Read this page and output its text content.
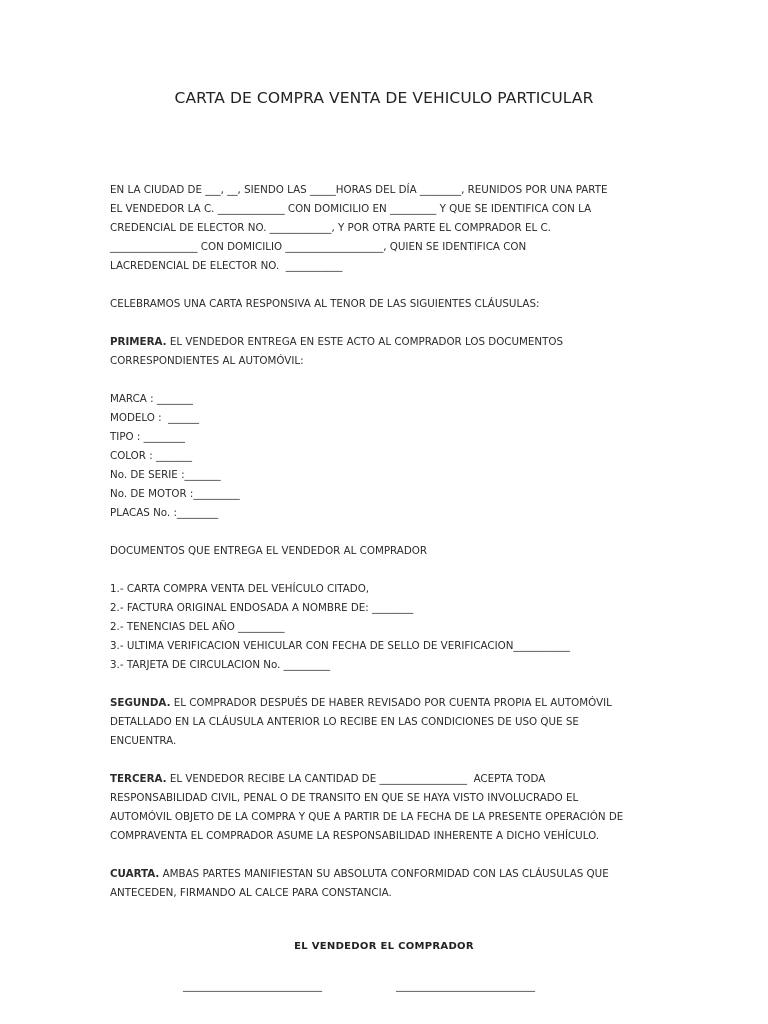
CARTA DE COMPRA VENTA DE VEHICULO PARTICULAR
EN LA CIUDAD DE ___, __, SIENDO LAS _____HORAS DEL DÍA ________, REUNIDOS POR UNA PARTE
EL VENDEDOR LA C. _____________ CON DOMICILIO EN _________ Y QUE SE IDENTIFICA CON LA
CREDENCIAL DE ELECTOR NO. ____________, Y POR OTRA PARTE EL COMPRADOR EL C.
_________________ CON DOMICILIO ___________________, QUIEN SE IDENTIFICA CON
LACREDENCIAL DE ELECTOR NO.  ___________
CELEBRAMOS UNA CARTA RESPONSIVA AL TENOR DE LAS SIGUIENTES CLÁUSULAS:
PRIMERA. EL VENDEDOR ENTREGA EN ESTE ACTO AL COMPRADOR LOS DOCUMENTOS
CORRESPONDIENTES AL AUTOMÓVIL:
MARCA : _______
MODELO :  ______
TIPO : ________
COLOR : _______
No. DE SERIE :_______
No. DE MOTOR :_________
PLACAS No. :________
DOCUMENTOS QUE ENTREGA EL VENDEDOR AL COMPRADOR
1.- CARTA COMPRA VENTA DEL VEHÍCULO CITADO,
2.- FACTURA ORIGINAL ENDOSADA A NOMBRE DE: ________
2.- TENENCIAS DEL AÑO _________
3.- ULTIMA VERIFICACION VEHICULAR CON FECHA DE SELLO DE VERIFICACION___________
3.- TARJETA DE CIRCULACION No. _________
SEGUNDA. EL COMPRADOR DESPUÉS DE HABER REVISADO POR CUENTA PROPIA EL AUTOMÓVIL
DETALLADO EN LA CLÁUSULA ANTERIOR LO RECIBE EN LAS CONDICIONES DE USO QUE SE
ENCUENTRA.
TERCERA. EL VENDEDOR RECIBE LA CANTIDAD DE _________________  ACEPTA TODA
RESPONSABILIDAD CIVIL, PENAL O DE TRANSITO EN QUE SE HAYA VISTO INVOLUCRADO EL
AUTOMÓVIL OBJETO DE LA COMPRA Y QUE A PARTIR DE LA FECHA DE LA PRESENTE OPERACIÓN DE
COMPRAVENTA EL COMPRADOR ASUME LA RESPONSABILIDAD INHERENTE A DICHO VEHÍCULO.
CUARTA. AMBAS PARTES MANIFIESTAN SU ABSOLUTA CONFORMIDAD CON LAS CLÁUSULAS QUE
ANTECEDEN, FIRMANDO AL CALCE PARA CONSTANCIA.
EL VENDEDOR EL COMPRADOR
___________________________	___________________________
